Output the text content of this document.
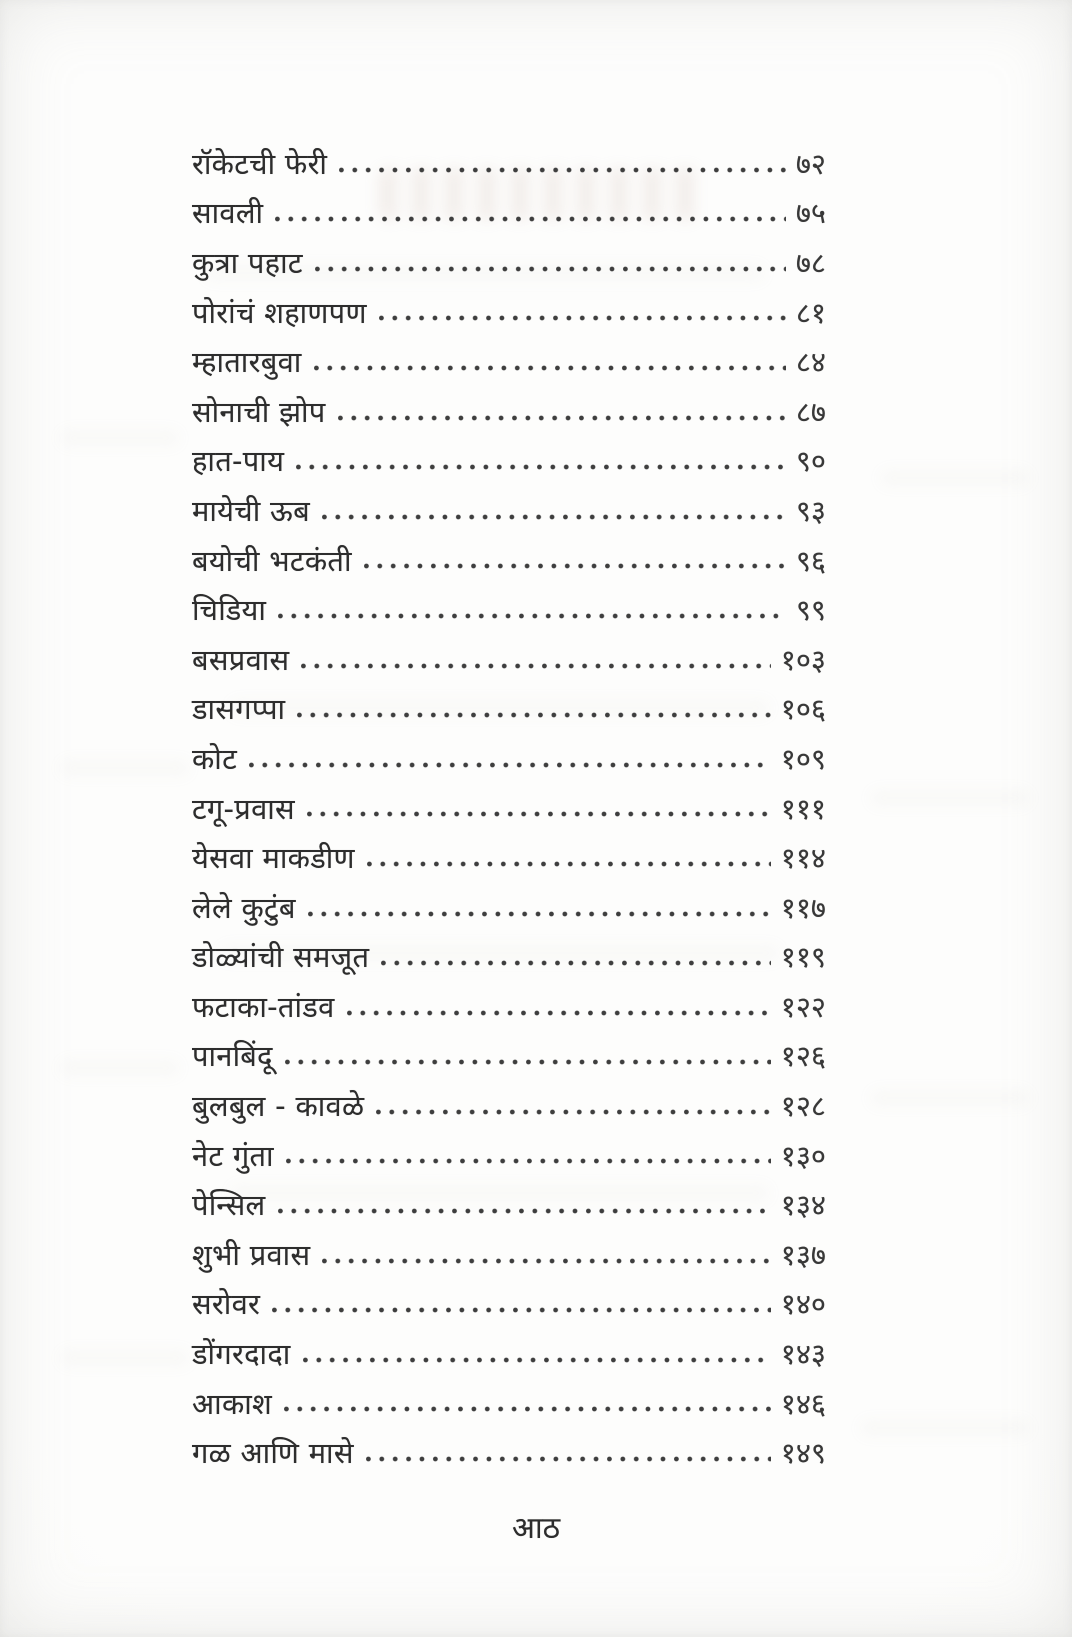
रॉकेटची फेरी	७२
सावली	७५
कुत्रा पहाट	७८
पोरांचं शहाणपण	८१
म्हातारबुवा	८४
सोनाची झोप	८७
हात-पाय	९०
मायेची ऊब	९३
बयोची भटकंती	९६
चिडिया	९९
बसप्रवास	१०३
डासगप्पा	१०६
कोट	१०९
टगू-प्रवास	१११
येसवा माकडीण	११४
लेले कुटुंब	११७
डोळ्यांची समजूत	११९
फटाका-तांडव	१२२
पानबिंदू	१२६
बुलबुल - कावळे	१२८
नेट गुंता	१३०
पेन्सिल	१३४
शुभी प्रवास	१३७
सरोवर	१४०
डोंगरदादा	१४३
आकाश	१४६
गळ आणि मासे	१४९
आठ
